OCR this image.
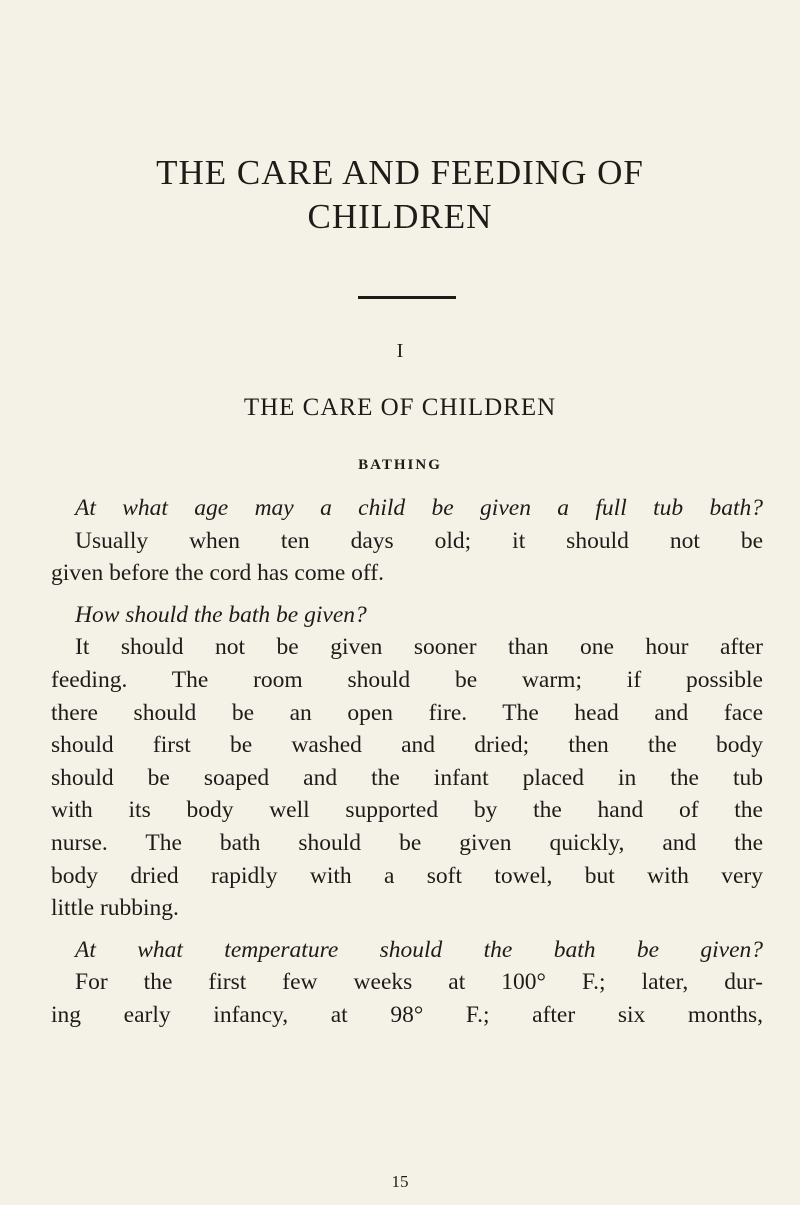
THE CARE AND FEEDING OF
CHILDREN
I
THE CARE OF CHILDREN
BATHING
At what age may a child be given a full tub bath?
Usually when ten days old; it should not be
given before the cord has come off.
How should the bath be given?
It should not be given sooner than one hour after
feeding. The room should be warm; if possible
there should be an open fire. The head and face
should first be washed and dried; then the body
should be soaped and the infant placed in the tub
with its body well supported by the hand of the
nurse. The bath should be given quickly, and the
body dried rapidly with a soft towel, but with very
little rubbing.
At what temperature should the bath be given?
For the first few weeks at 100° F.; later, dur-
ing early infancy, at 98° F.; after six months,
15
